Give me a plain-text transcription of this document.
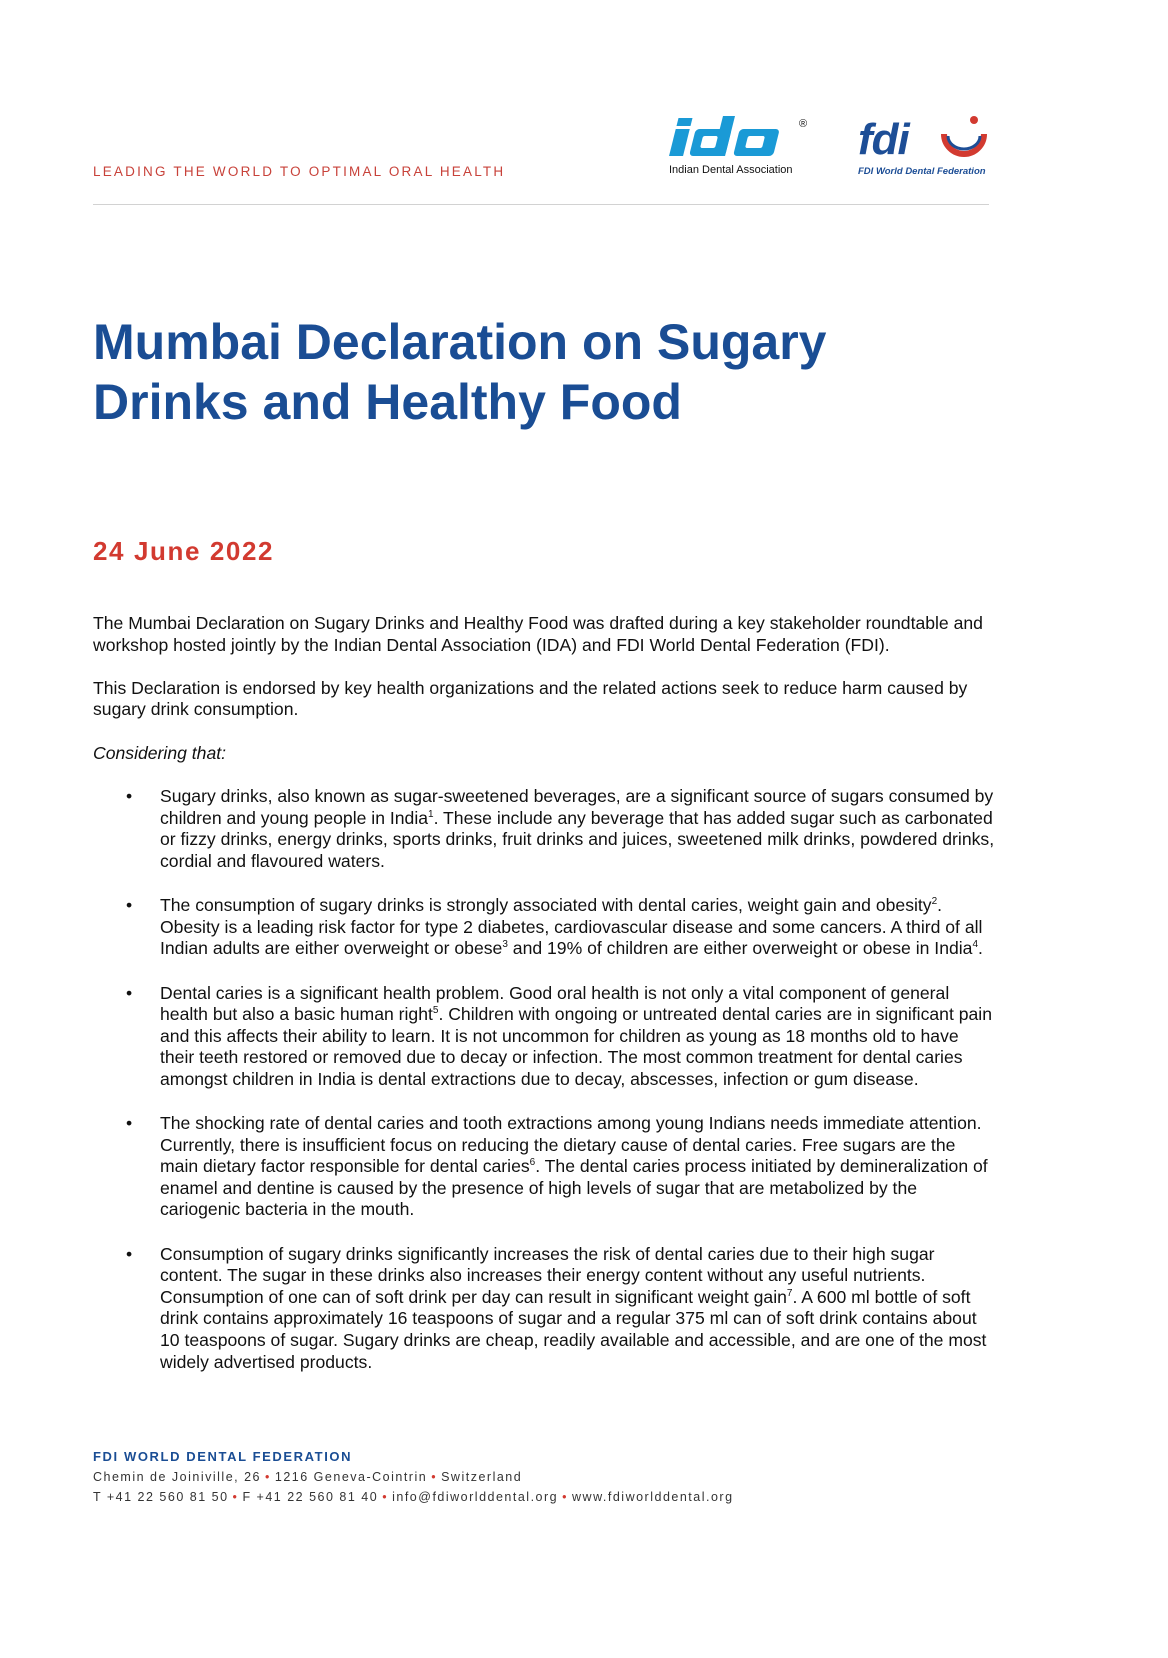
LEADING THE WORLD TO OPTIMAL ORAL HEALTH
®
Indian Dental Association
fdi
FDI World Dental Federation
Mumbai Declaration on Sugary Drinks and Healthy Food
24 June 2022

The Mumbai Declaration on Sugary Drinks and Healthy Food was drafted during a key stakeholder roundtable and workshop hosted jointly by the Indian Dental Association (IDA) and FDI World Dental Federation (FDI).

This Declaration is endorsed by key health organizations and the related actions seek to reduce harm caused by sugary drink consumption.

Considering that:

• Sugary drinks, also known as sugar-sweetened beverages, are a significant source of sugars consumed by children and young people in India$^1$. These include any beverage that has added sugar such as carbonated or fizzy drinks, energy drinks, sports drinks, fruit drinks and juices, sweetened milk drinks, powdered drinks, cordial and flavoured waters.
• The consumption of sugary drinks is strongly associated with dental caries, weight gain and obesity$^2$. Obesity is a leading risk factor for type 2 diabetes, cardiovascular disease and some cancers. A third of all Indian adults are either overweight or obese$^3$ and 19% of children are either overweight or obese in India$^4$.
• Dental caries is a significant health problem. Good oral health is not only a vital component of general health but also a basic human right$^5$. Children with ongoing or untreated dental caries are in significant pain and this affects their ability to learn. It is not uncommon for children as young as 18 months old to have their teeth restored or removed due to decay or infection. The most common treatment for dental caries amongst children in India is dental extractions due to decay, abscesses, infection or gum disease.
• The shocking rate of dental caries and tooth extractions among young Indians needs immediate attention. Currently, there is insufficient focus on reducing the dietary cause of dental caries. Free sugars are the main dietary factor responsible for dental caries$^6$. The dental caries process initiated by demineralization of enamel and dentine is caused by the presence of high levels of sugar that are metabolized by the cariogenic bacteria in the mouth.
• Consumption of sugary drinks significantly increases the risk of dental caries due to their high sugar content. The sugar in these drinks also increases their energy content without any useful nutrients. Consumption of one can of soft drink per day can result in significant weight gain$^7$. A 600 ml bottle of soft drink contains approximately 16 teaspoons of sugar and a regular 375 ml can of soft drink contains about 10 teaspoons of sugar. Sugary drinks are cheap, readily available and accessible, and are one of the most widely advertised products.

FDI WORLD DENTAL FEDERATION

Chemin de Joiniville, 26 • 1216 Geneva-Cointrin • Switzerland

T +41 22 560 81 50 • F +41 22 560 81 40 • info@fdiworlddental.org • www.fdiworlddental.org
